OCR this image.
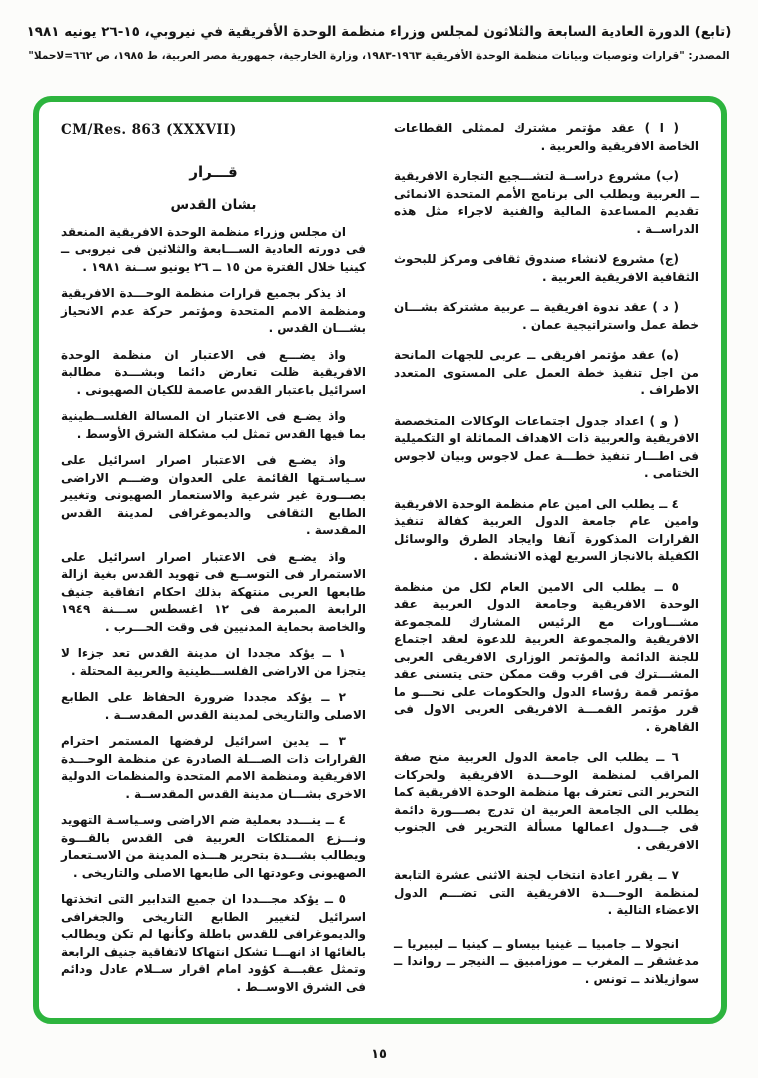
(تابع) الدورة العادية السابعة والثلاثون لمجلس وزراء منظمة الوحدة الأفريقية في نيروبي، ١٥-٢٦ يونيه ١٩٨١
المصدر: "قرارات وتوصيات وبيانات منظمة الوحدة الأفريقية ١٩٦٣-١٩٨٣، وزارة الخارجية، جمهورية مصر العربية، ط ١٩٨٥، ص ٦٦٢=لاحملا"

( ا ) عقد مؤتمر مشترك لممثلى القطاعات الخاصة الافريقية والعربية .

(ب) مشروع دراســة لتشـــجيع التجارة الافريقية ــ العربية ويطلب الى برنامج الأمم المتحدة الانمائى تقديم المساعدة المالية والفنية لاجراء مثل هذه الدراســة .

(ج) مشروع لانشاء صندوق ثقافى ومركز للبحوث الثقافية الافريقية العربية .

( د ) عقد ندوة افريقية ــ عربية مشتركة بشـــان خطة عمل واستراتيجية عمان .

(ه) عقد مؤتمر افريقى ــ عربى للجهات المانحة من اجل تنفيذ خطة العمل على المستوى المتعدد الاطراف .

( و ) اعداد جدول اجتماعات الوكالات المتخصصة الافريقية والعربية ذات الاهداف المماثلة او التكميلية فى اطـــار تنفيذ خطـــة عمل لاجوس وبيان لاجوس الختامى .

٤ ــ يطلب الى امين عام منظمة الوحدة الافريقية وامين عام جامعة الدول العربية كفالة تنفيذ القرارات المذكورة آنفا وايجاد الطرق والوسائل الكفيلة بالانجاز السريع لهذه الانشطة .

٥ ــ يطلب الى الامين العام لكل من منظمة الوحدة الافريقية وجامعة الدول العربية عقد مشـــاورات مع الرئيس المشارك للمجموعة الافريقية والمجموعة العربية للدعوة لعقد اجتماع للجنة الدائمة والمؤتمر الوزارى الافريقى العربى المشـــترك فى اقرب وقت ممكن حتى يتسنى عقد مؤتمر قمة رؤساء الدول والحكومات على نحـــو ما قرر مؤتمر القمـــة الافريقى العربى الاول فى القاهرة .

٦ ــ يطلب الى جامعة الدول العربية منح صفة المراقب لمنظمة الوحـــدة الافريقية ولحركات التحرير التى تعترف بها منظمة الوحدة الافريقية كما يطلب الى الجامعة العربية ان تدرج بصـــورة دائمة فى جـــدول اعمالها مسألة التحرير فى الجنوب الافريقى .

٧ ــ يقرر اعادة انتخاب لجنة الاثنى عشرة التابعة لمنظمة الوحـــدة الافريقية التى تضـــم الدول الاعضاء التالية .

انجولا ــ جامبيا ــ غينيا بيساو ــ كينيا ــ ليبيريا ــ مدغشقر ــ المغرب ــ موزامبيق ــ النيجر ــ رواندا ــ سوازيلاند ــ تونس .

CM/Res. 863 (XXXVII)

قـــرار

بشان القدس

ان مجلس وزراء منظمة الوحدة الافريقية المنعقد فى دورته العادية الســـابعة والثلاثين فى نيروبى ــ كينيا خلال الفترة من ١٥ ــ ٢٦ يونيو ســنة ١٩٨١ .

اذ يذكر بجميع قرارات منظمة الوحـــدة الافريقية ومنظمة الامم المتحدة ومؤتمر حركة عدم الانحياز بشـــان القدس .

واذ يضـــع فى الاعتبار ان منظمة الوحدة الافريقية ظلت تعارض دائما وبشـــدة مطالبة اسرائيل باعتبار القدس عاصمة للكيان الصهيونى .

واذ يضـع فى الاعتبار ان المسالة الفلســطينية بما فيها القدس تمثل لب مشكلة الشرق الأوسط .

واذ يضـع فى الاعتبار اصرار اسرائيل على سـياسـتها القائمة على العدوان وضـــم الاراضى بصـــورة غير شرعية والاستعمار الصهيونى وتغيير الطابع الثقافى والديموغرافى لمدينة القدس المقدسة .

واذ يضـع فى الاعتبار اصرار اسرائيل على الاستمرار فى التوســع فى تهويد القدس بغية ازالة طابعها العربى منتهكة بذلك احكام اتفاقية جنيف الرابعة المبرمة فى ١٢ اغسطس ســـنة ١٩٤٩ والخاصة بحماية المدنيين فى وقت الحـــرب .

١ ــ يؤكد مجددا ان مدينة القدس تعد جزءا لا يتجزا من الاراضى الفلســـطينية والعربية المحتلة .

٢ ــ يؤكد مجددا ضرورة الحفاظ على الطابع الاصلى والتاريخى لمدينة القدس المقدســة .

٣ ــ يدين اسرائيل لرفضها المستمر احترام القرارات ذات الصـــلة الصادرة عن منظمة الوحـــدة الافريقية ومنظمة الامم المتحدة والمنظمات الدولية الاخرى بشـــان مدينة القدس المقدســة .

٤ ــ ينـــدد بعملية ضم الاراضى وسـياسـة التهويد ونـــزع الممتلكات العربية فى القدس بالقـــوة ويطالب بشـــدة بتحرير هـــذه المدينة من الاسـتعمار الصهيونى وعودتها الى طابعها الاصلى والتاريخى .

٥ ــ يؤكد مجـــددا ان جميع التدابير التى اتخذتها اسرائيل لتغيير الطابع التاريخى والجغرافى والديموغرافى للقدس باطلة وكأنها لم تكن ويطالب بالغائها اذ انهـــا تشكل انتهاكا لاتفاقية جنيف الرابعة وتمثل عقبـــة كؤود امام اقرار ســلام عادل ودائم فى الشرق الاوســط .

١٥
